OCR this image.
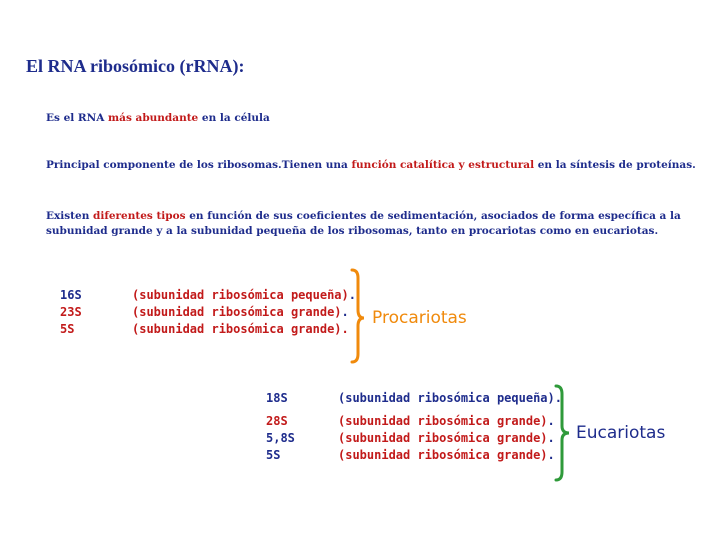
El RNA ribosómico (rRNA):

Es el RNA más abundante en la célula

Principal componente de los ribosomas.Tienen una función catalítica y estructural en la síntesis de proteínas.

Existen diferentes tipos en función de sus coeficientes de sedimentación, asociados de forma específica a la
subunidad grande y a la subunidad pequeña de los ribosomas, tanto en procariotas como en eucariotas.

16S	(subunidad ribosómica pequeña).
23S	(subunidad ribosómica grande).
5S	(subunidad ribosómica grande).
Procariotas
18S	(subunidad ribosómica pequeña).
28S	(subunidad ribosómica grande).
5,8S	(subunidad ribosómica grande).
5S	(subunidad ribosómica grande).
Eucariotas
